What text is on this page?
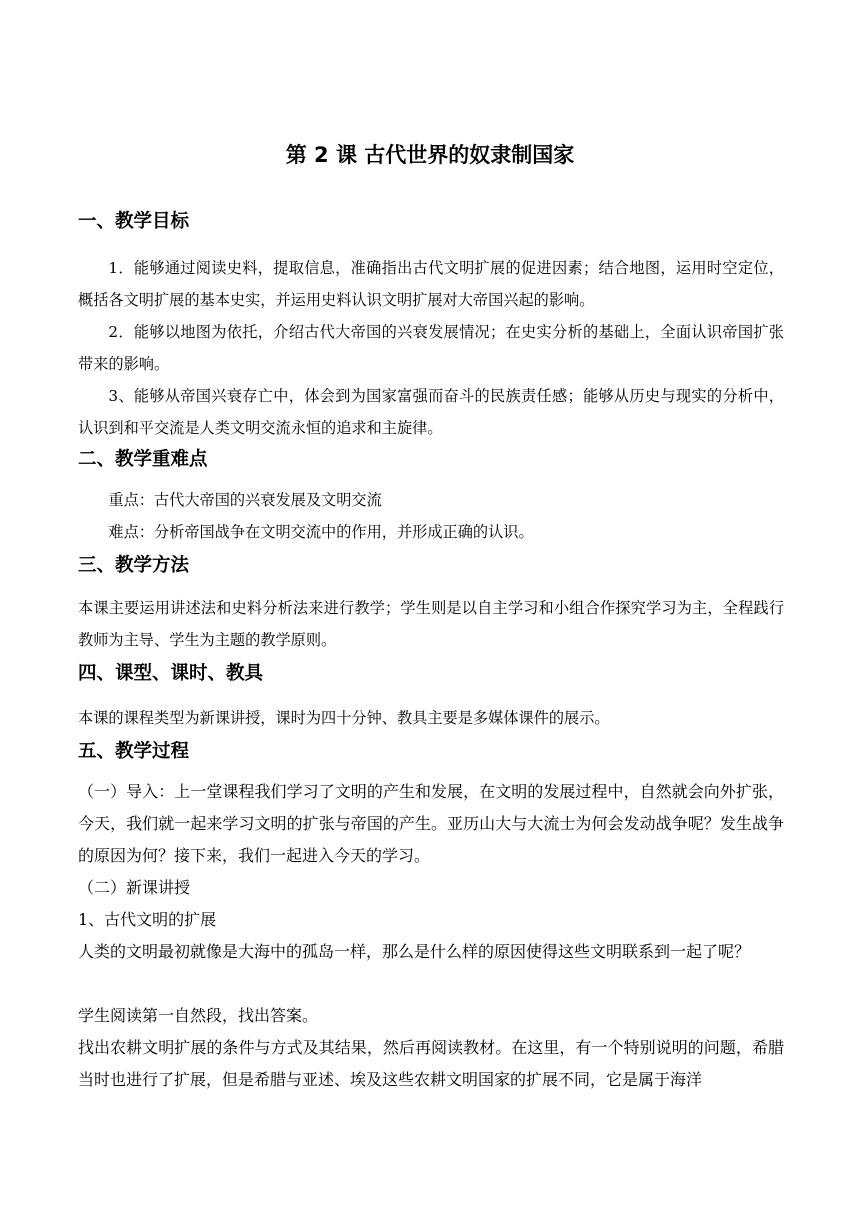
第 2 课 古代世界的奴隶制国家
一、教学目标
1．能够通过阅读史料，提取信息，准确指出古代文明扩展的促进因素；结合地图，运用时空定位，概括各文明扩展的基本史实，并运用史料认识文明扩展对大帝国兴起的影响。
2．能够以地图为依托，介绍古代大帝国的兴衰发展情况；在史实分析的基础上，全面认识帝国扩张带来的影响。
3、能够从帝国兴衰存亡中，体会到为国家富强而奋斗的民族责任感；能够从历史与现实的分析中，认识到和平交流是人类文明交流永恒的追求和主旋律。
二、教学重难点
重点：古代大帝国的兴衰发展及文明交流
难点：分析帝国战争在文明交流中的作用，并形成正确的认识。
三、教学方法
本课主要运用讲述法和史料分析法来进行教学；学生则是以自主学习和小组合作探究学习为主，全程践行教师为主导、学生为主题的教学原则。
四、课型、课时、教具
本课的课程类型为新课讲授，课时为四十分钟、教具主要是多媒体课件的展示。
五、教学过程
（一）导入：上一堂课程我们学习了文明的产生和发展，在文明的发展过程中，自然就会向外扩张，今天，我们就一起来学习文明的扩张与帝国的产生。亚历山大与大流士为何会发动战争呢？发生战争的原因为何？接下来，我们一起进入今天的学习。
（二）新课讲授
1、古代文明的扩展
人类的文明最初就像是大海中的孤岛一样，那么是什么样的原因使得这些文明联系到一起了呢？
学生阅读第一自然段，找出答案。
找出农耕文明扩展的条件与方式及其结果，然后再阅读教材。在这里，有一个特别说明的问题，希腊当时也进行了扩展，但是希腊与亚述、埃及这些农耕文明国家的扩展不同，它是属于海洋
